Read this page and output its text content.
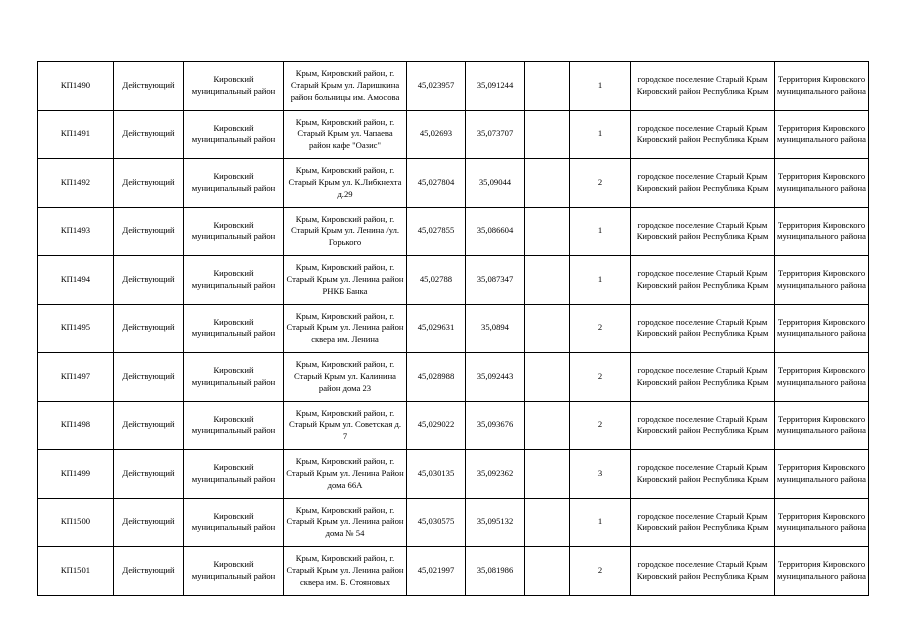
КП1490	Действующий	Кировский муниципальный район	Крым, Кировский район, г. Старый Крым ул. Ларишкина район больницы им. Амосова	45,023957	35,091244		1	городское поселение Старый Крым Кировский район Республика Крым	Территория Кировского муниципального района
КП1491	Действующий	Кировский муниципальный район	Крым, Кировский район, г. Старый Крым ул. Чапаева район кафе "Оазис"	45,02693	35,073707		1	городское поселение Старый Крым Кировский район Республика Крым	Территория Кировского муниципального района
КП1492	Действующий	Кировский муниципальный район	Крым, Кировский район, г. Старый Крым ул. К.Либкнехта д.29	45,027804	35,09044		2	городское поселение Старый Крым Кировский район Республика Крым	Территория Кировского муниципального района
КП1493	Действующий	Кировский муниципальный район	Крым, Кировский район, г. Старый Крым ул. Ленина /ул. Горького	45,027855	35,086604		1	городское поселение Старый Крым Кировский район Республика Крым	Территория Кировского муниципального района
КП1494	Действующий	Кировский муниципальный район	Крым, Кировский район, г. Старый Крым ул. Ленина район РНКБ Банка	45,02788	35,087347		1	городское поселение Старый Крым Кировский район Республика Крым	Территория Кировского муниципального района
КП1495	Действующий	Кировский муниципальный район	Крым, Кировский район, г. Старый Крым ул. Ленина район сквера им. Ленина	45,029631	35,0894		2	городское поселение Старый Крым Кировский район Республика Крым	Территория Кировского муниципального района
КП1497	Действующий	Кировский муниципальный район	Крым, Кировский район, г. Старый Крым ул. Калинина район дома 23	45,028988	35,092443		2	городское поселение Старый Крым Кировский район Республика Крым	Территория Кировского муниципального района
КП1498	Действующий	Кировский муниципальный район	Крым, Кировский район, г. Старый Крым ул. Советская д. 7	45,029022	35,093676		2	городское поселение Старый Крым Кировский район Республика Крым	Территория Кировского муниципального района
КП1499	Действующий	Кировский муниципальный район	Крым, Кировский район, г. Старый Крым ул. Ленина Район дома 66А	45,030135	35,092362		3	городское поселение Старый Крым Кировский район Республика Крым	Территория Кировского муниципального района
КП1500	Действующий	Кировский муниципальный район	Крым, Кировский район, г. Старый Крым ул. Ленина район дома № 54	45,030575	35,095132		1	городское поселение Старый Крым Кировский район Республика Крым	Территория Кировского муниципального района
КП1501	Действующий	Кировский муниципальный район	Крым, Кировский район, г. Старый Крым ул. Ленина район сквера им. Б. Стояновых	45,021997	35,081986		2	городское поселение Старый Крым Кировский район Республика Крым	Территория Кировского муниципального района
